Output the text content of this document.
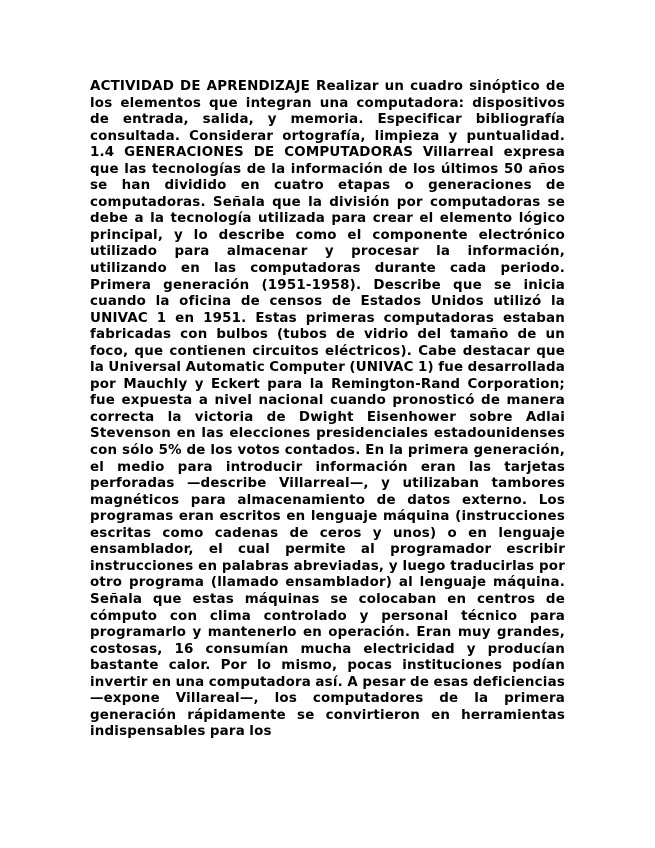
ACTIVIDAD DE APRENDIZAJE Realizar un cuadro sinóptico de los elementos que integran una computadora: dispositivos de entrada, salida, y memoria. Especificar bibliografía consultada. Considerar ortografía, limpieza y puntualidad. 1.4 GENERACIONES DE COMPUTADORAS Villarreal expresa que las tecnologías de la información de los últimos 50 años se han dividido en cuatro etapas o generaciones de computadoras. Señala que la división por computadoras se debe a la tecnología utilizada para crear el elemento lógico principal, y lo describe como el componente electrónico utilizado para almacenar y procesar la información, utilizando en las computadoras durante cada periodo. Primera generación (1951-1958). Describe que se inicia cuando la oficina de censos de Estados Unidos utilizó la UNIVAC 1 en 1951. Estas primeras computadoras estaban fabricadas con bulbos (tubos de vidrio del tamaño de un foco, que contienen circuitos eléctricos). Cabe destacar que la Universal Automatic Computer (UNIVAC 1) fue desarrollada por Mauchly y Eckert para la Remington-Rand Corporation; fue expuesta a nivel nacional cuando pronosticó de manera correcta la victoria de Dwight Eisenhower sobre Adlai Stevenson en las elecciones presidenciales estadounidenses con sólo 5% de los votos contados. En la primera generación, el medio para introducir información eran las tarjetas perforadas —describe Villarreal—, y utilizaban tambores magnéticos para almacenamiento de datos externo. Los programas eran escritos en lenguaje máquina (instrucciones escritas como cadenas de ceros y unos) o en lenguaje ensamblador, el cual permite al programador escribir instrucciones en palabras abreviadas, y luego traducirlas por otro programa (llamado ensamblador) al lenguaje máquina. Señala que estas máquinas se colocaban en centros de cómputo con clima controlado y personal técnico para programarlo y mantenerlo en operación. Eran muy grandes, costosas, 16 consumían mucha electricidad y producían bastante calor. Por lo mismo, pocas instituciones podían invertir en una computadora así. A pesar de esas deficiencias —expone Villareal—, los computadores de la primera generación rápidamente se convirtieron en herramientas indispensables para los
